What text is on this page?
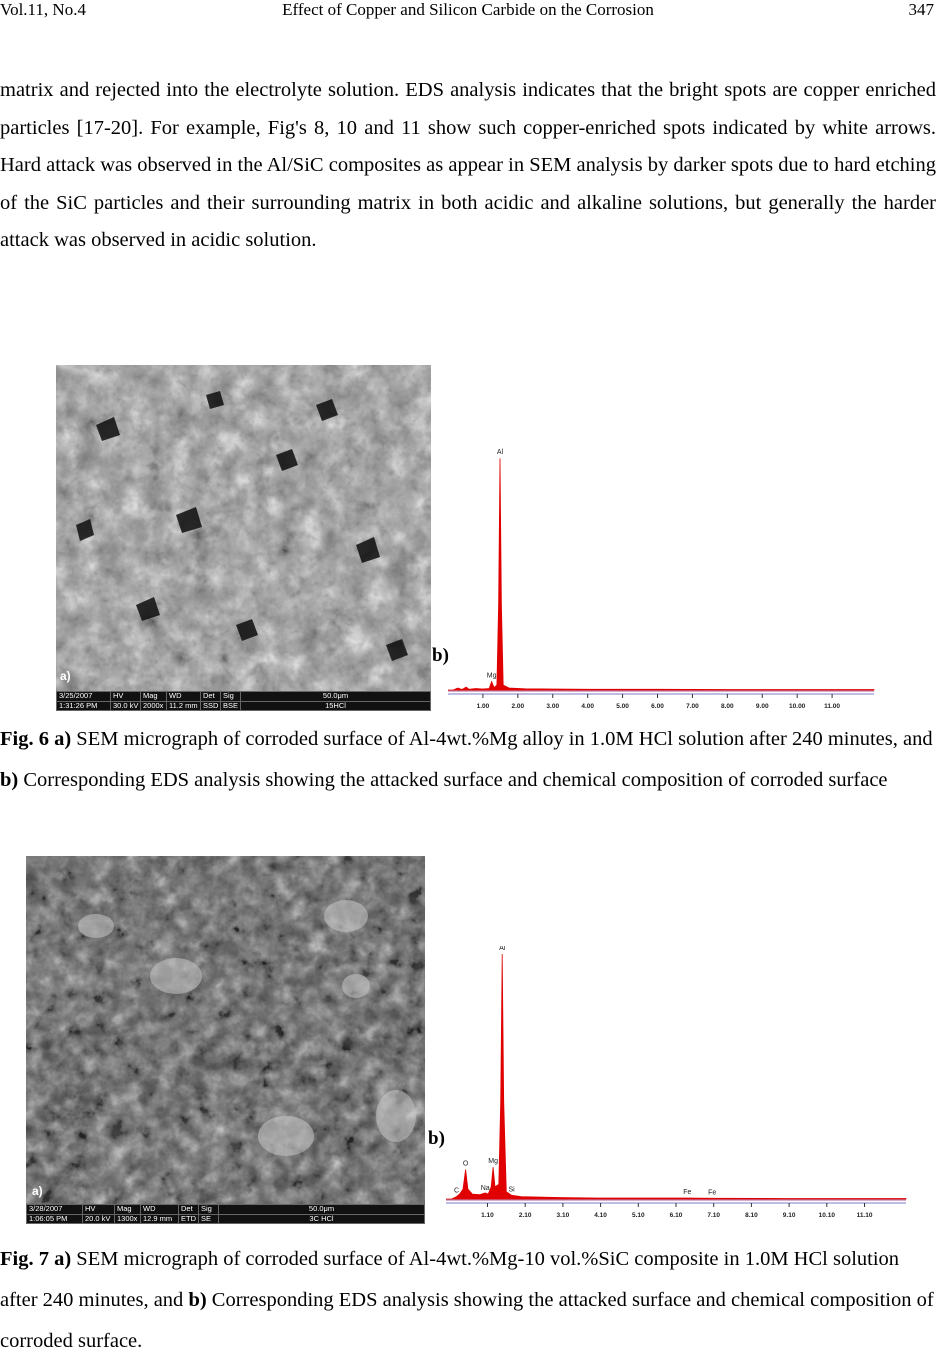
Vol.11, No.4	Effect of Copper and Silicon Carbide on the Corrosion	347

matrix and rejected into the electrolyte solution. EDS analysis indicates that the bright spots are copper enriched particles [17-20]. For example, Fig's 8, 10 and 11 show such copper-enriched spots indicated by white arrows. Hard attack was observed in the Al/SiC composites as appear in SEM analysis by darker spots due to hard etching of the SiC particles and their surrounding matrix in both acidic and alkaline solutions, but generally the harder attack was observed in acidic solution.

a)
3/25/2007	HV	Mag	WD	Det	Sig	50.0μm
1:31:26 PM	30.0 kV	2000x	11.2 mm	SSD	BSE	15HCl
b)
1.00	2.00	3.00	4.00	5.00	6.00	7.00	8.00	9.00	10.00	11.00
Mg
Al

Fig. 6 a) SEM micrograph of corroded surface of Al-4wt.%Mg alloy in 1.0M HCl solution after 240 minutes, and b) Corresponding EDS analysis showing the attacked surface and chemical composition of corroded surface

a)
3/28/2007	HV	Mag	WD	Det	Sig	50.0μm
1:06:05 PM	20.0 kV	1300x	12.9 mm	ETD	SE	3C HCl
b)
1.10	2.10	3.10	4.10	5.10	6.10	7.10	8.10	9.10	10.10	11.10
C
O
Na
Mg
Al
Si	Fe Fe

Fig. 7 a) SEM micrograph of corroded surface of Al-4wt.%Mg-10 vol.%SiC composite in 1.0M HCl solution after 240 minutes, and b) Corresponding EDS analysis showing the attacked surface and chemical composition of corroded surface.
